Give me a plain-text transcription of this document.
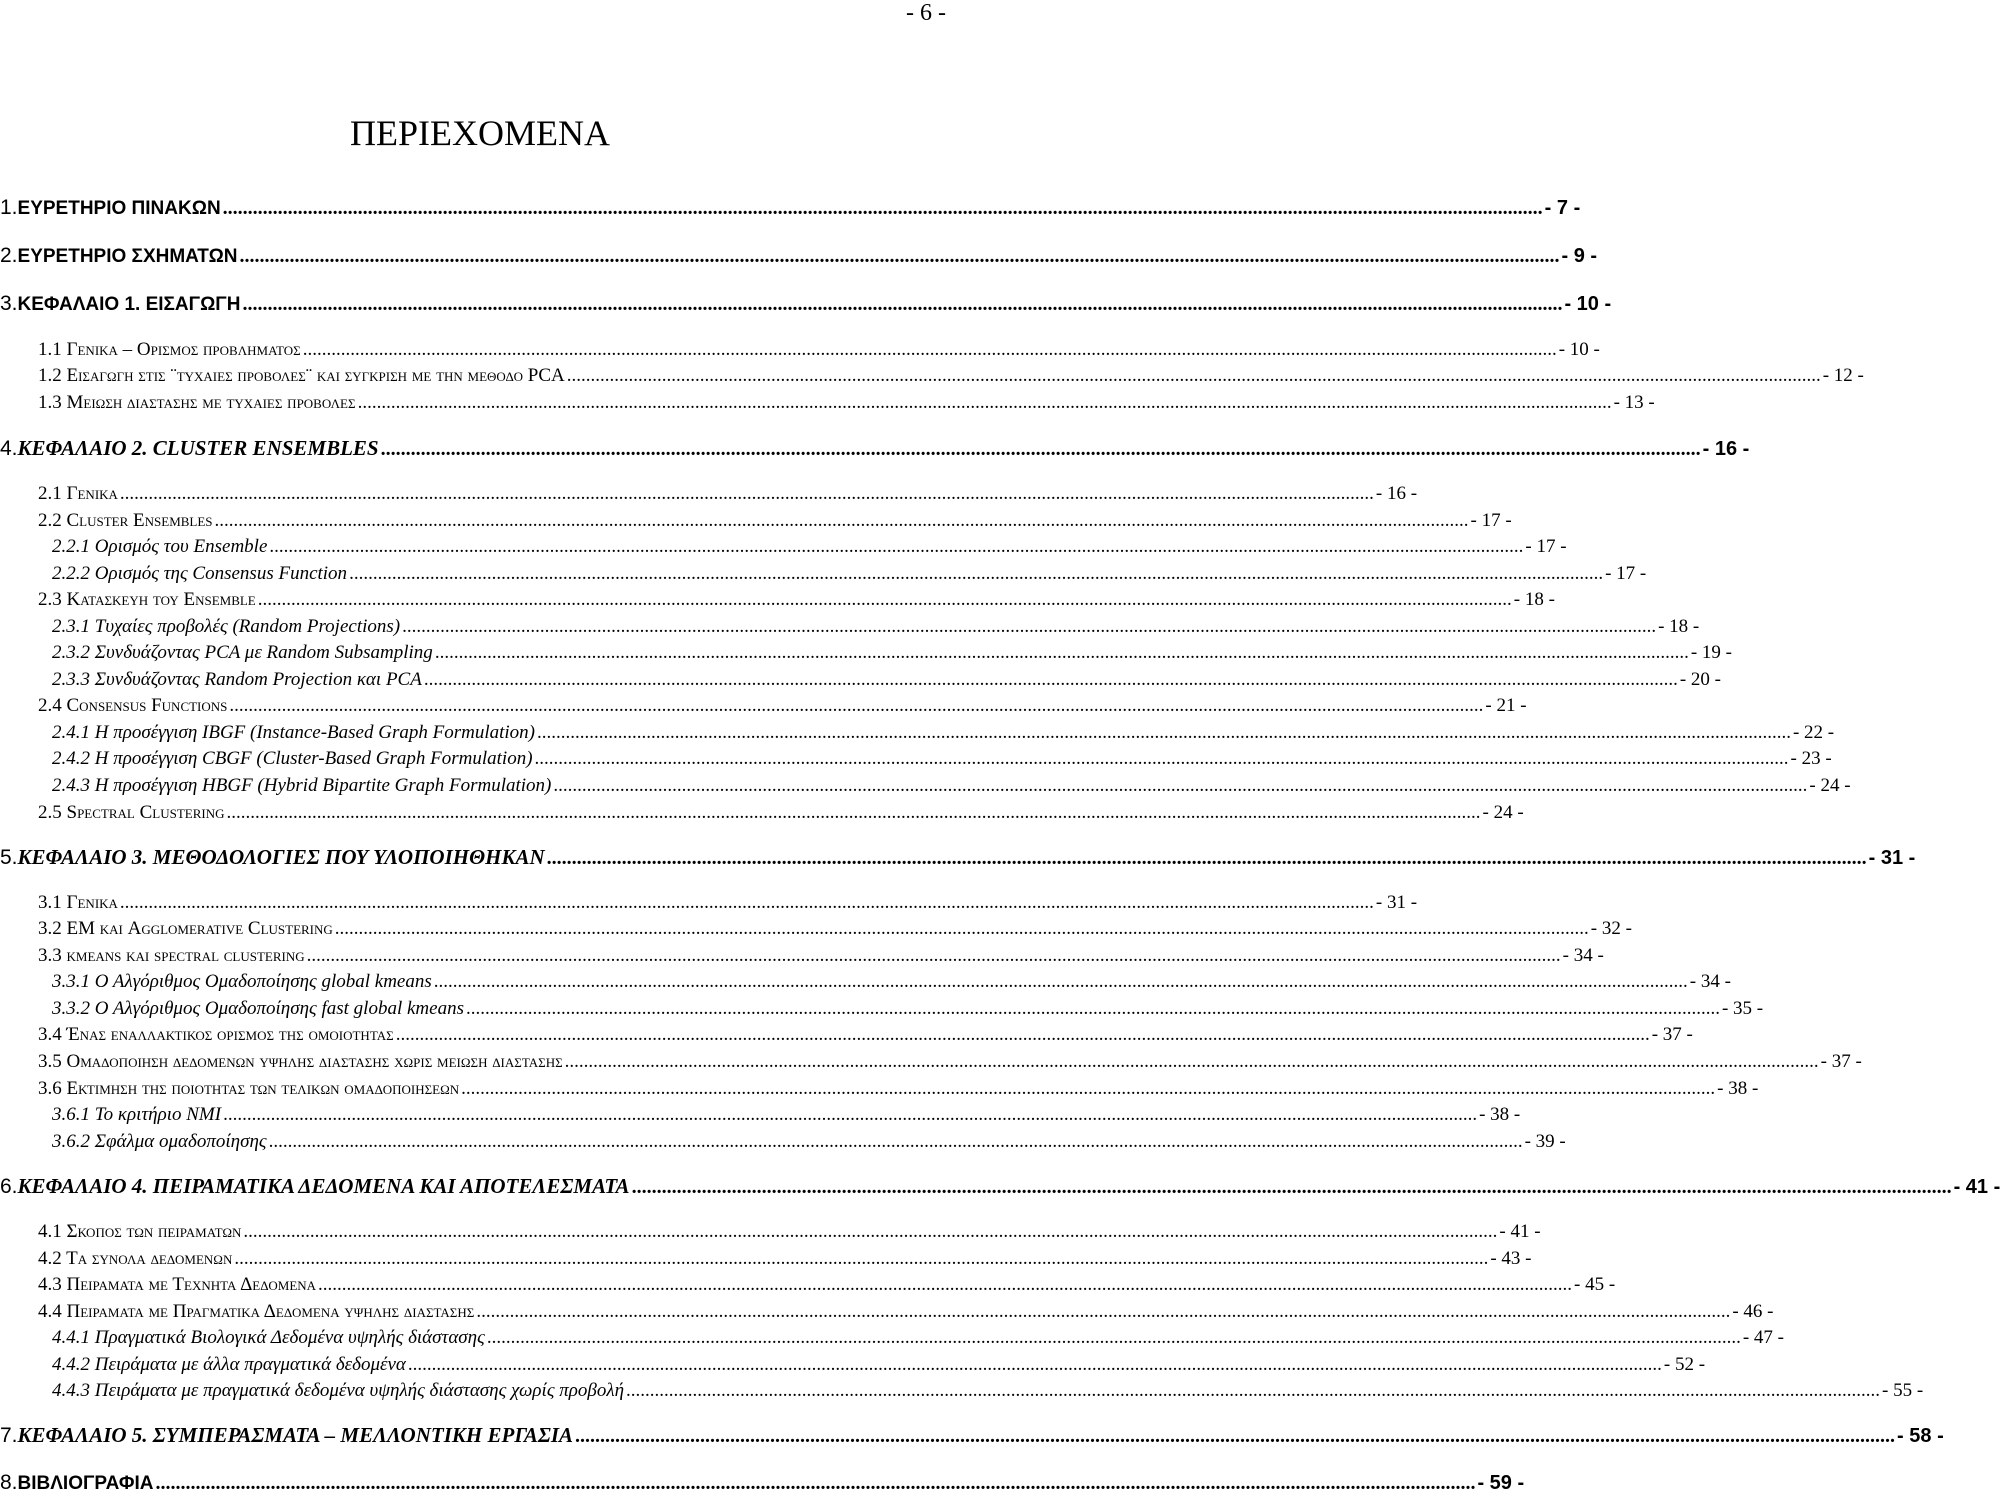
- 6 -
ΠΕΡΙΕΧΟΜΕΝΑ
1. ΕΥΡΕΤΗΡΙΟ ΠΙΝΑΚΩΝ .....	- 7 -
2. ΕΥΡΕΤΗΡΙΟ ΣΧΗΜΑΤΩΝ .....	- 9 -
3. ΚΕΦΑΛΑΙΟ 1. ΕΙΣΑΓΩΓΗ .....	- 10 -
1.1 Γενικα – Ορισμος προβληματος .....	- 10 -
1.2 Εισαγωγη στις ¨τυχαιες προβολες¨ και συγκριση με την μεθοδο PCA .....	- 12 -
1.3 Μειωση διαστασης με τυχαιες προβολες .....	- 13 -
4. ΚΕΦΑΛΑΙΟ 2. CLUSTER ENSEMBLES .....	- 16 -
2.1 Γενικα .....	- 16 -
2.2 Cluster Ensembles .....	- 17 -
2.2.1 Ορισμός του Ensemble .....	- 17 -
2.2.2 Ορισμός της Consensus Function .....	- 17 -
2.3 Κατασκευη του Ensemble .....	- 18 -
2.3.1 Τυχαίες προβολές (Random Projections) .....	- 18 -
2.3.2 Συνδυάζοντας PCA με Random Subsampling .....	- 19 -
2.3.3 Συνδυάζοντας Random Projection και PCA .....	- 20 -
2.4 Consensus Functions .....	- 21 -
2.4.1 Η προσέγγιση IBGF (Instance-Based Graph Formulation) .....	- 22 -
2.4.2 Η προσέγγιση CBGF (Cluster-Based Graph Formulation) .....	- 23 -
2.4.3 Η προσέγγιση HBGF (Hybrid Bipartite Graph Formulation) .....	- 24 -
2.5 Spectral Clustering .....	- 24 -
5. ΚΕΦΑΛΑΙΟ 3. ΜΕΘΟΔΟΛΟΓΙΕΣ ΠΟΥ ΥΛΟΠΟΙΗΘΗΚΑΝ .....	- 31 -
3.1 Γενικα .....	- 31 -
3.2 EM και Agglomerative Clustering .....	- 32 -
3.3 kmeans και spectral clustering .....	- 34 -
3.3.1 Ο Αλγόριθμος Ομαδοποίησης global kmeans .....	- 34 -
3.3.2 Ο Αλγόριθμος Ομαδοποίησης fast global kmeans .....	- 35 -
3.4 Ένας εναλλακτικος ορισμος της ομοιοτητας .....	- 37 -
3.5 Ομαδοποιηση δεδομενων υψηλης διαστασης χωρις μειωση διαστασης .....	- 37 -
3.6 Εκτιμηση της ποιοτητας των τελικων ομαδοποιησεων .....	- 38 -
3.6.1 Το κριτήριο NMI .....	- 38 -
3.6.2 Σφάλμα ομαδοποίησης .....	- 39 -
6. ΚΕΦΑΛΑΙΟ 4. ΠΕΙΡΑΜΑΤΙΚΑ ΔΕΔΟΜΕΝΑ ΚΑΙ ΑΠΟΤΕΛΕΣΜΑΤΑ .....	- 41 -
4.1 Σκοπος των πειραματων .....	- 41 -
4.2 Τα συνολα δεδομενων .....	- 43 -
4.3 Πειραματα με Τεχνητα Δεδομενα .....	- 45 -
4.4 Πειραματα με Πραγματικα Δεδομενα υψηλης διαστασης .....	- 46 -
4.4.1 Πραγματικά Βιολογικά Δεδομένα υψηλής διάστασης .....	- 47 -
4.4.2 Πειράματα με άλλα πραγματικά δεδομένα .....	- 52 -
4.4.3 Πειράματα με πραγματικά δεδομένα υψηλής διάστασης χωρίς προβολή .....	- 55 -
7. ΚΕΦΑΛΑΙΟ 5. ΣΥΜΠΕΡΑΣΜΑΤΑ – ΜΕΛΛΟΝΤΙΚΗ ΕΡΓΑΣΙΑ .....	- 58 -
8. ΒΙΒΛΙΟΓΡΑΦΙΑ .....	- 59 -
